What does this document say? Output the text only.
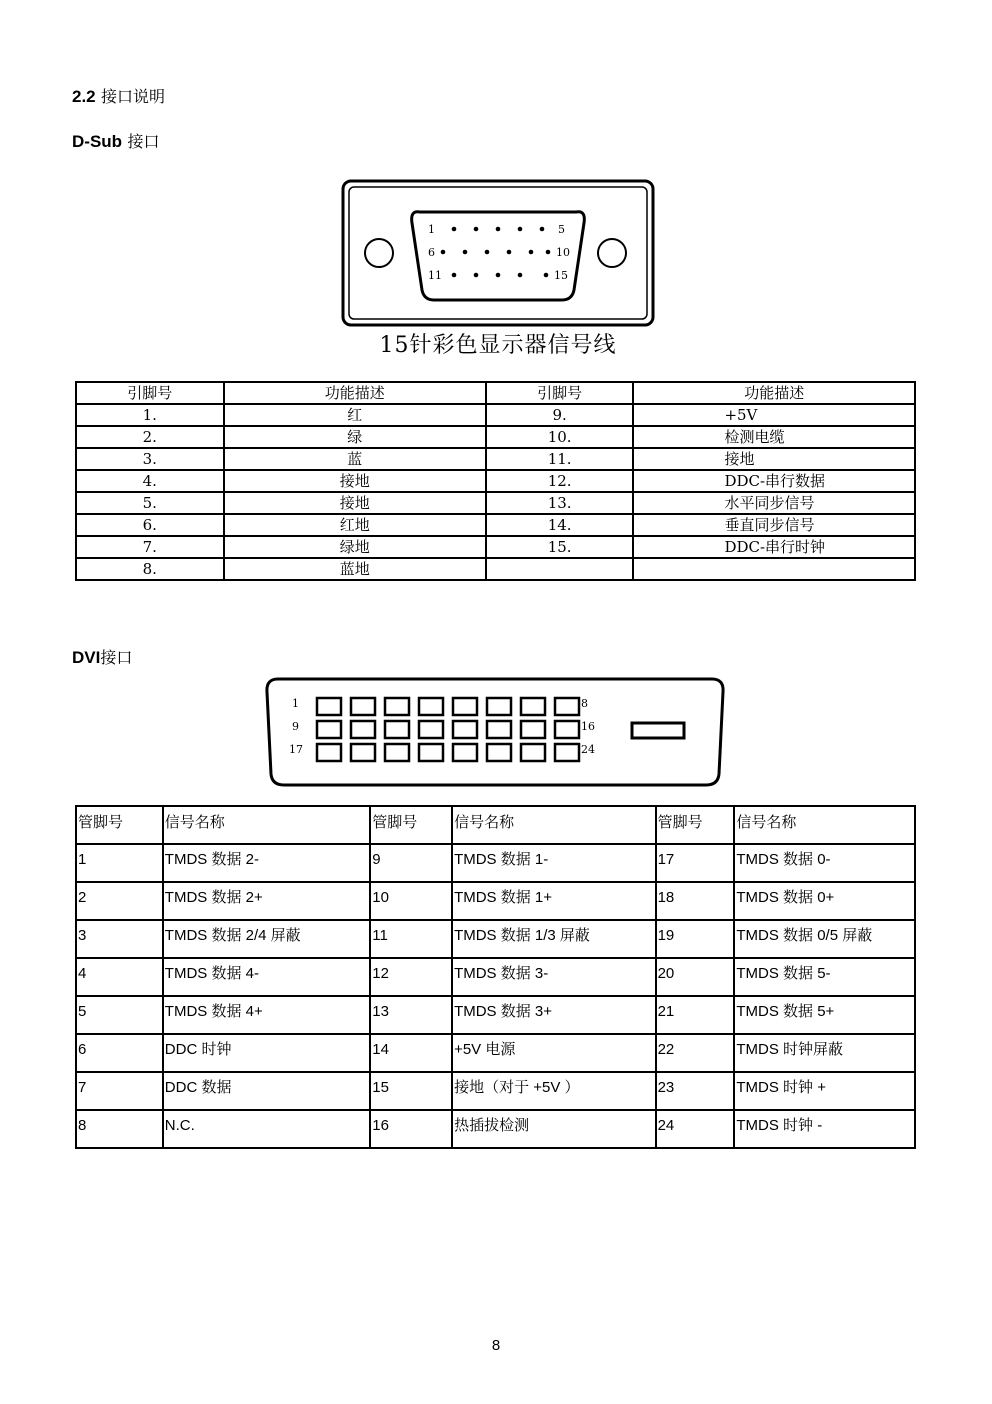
2.2 接口说明
D-Sub 接口
1	5
6	10
11	15
15针彩色显示器信号线
引脚号	功能描述	引脚号	功能描述
1.	红	9.	+5V
2.	绿	10.	检测电缆
3.	蓝	11.	接地
4.	接地	12.	DDC-串行数据
5.	接地	13.	水平同步信号
6.	红地	14.	垂直同步信号
7.	绿地	15.	DDC-串行时钟
8.	蓝地		
DVI接口
1	8
9	16
17	24
管脚号	信号名称	管脚号	信号名称	管脚号	信号名称
1	TMDS 数据 2-	9	TMDS 数据 1-	17	TMDS 数据 0-
2	TMDS 数据 2+	10	TMDS 数据 1+	18	TMDS 数据 0+
3	TMDS 数据 2/4 屏蔽	11	TMDS 数据 1/3 屏蔽	19	TMDS 数据 0/5 屏蔽
4	TMDS 数据 4-	12	TMDS 数据 3-	20	TMDS 数据 5-
5	TMDS 数据 4+	13	TMDS 数据 3+	21	TMDS 数据 5+
6	DDC 时钟	14	+5V 电源	22	TMDS 时钟屏蔽
7	DDC 数据	15	接地（对于 +5V ）	23	TMDS 时钟 +
8	N.C.	16	热插拔检测	24	TMDS 时钟 -
8
